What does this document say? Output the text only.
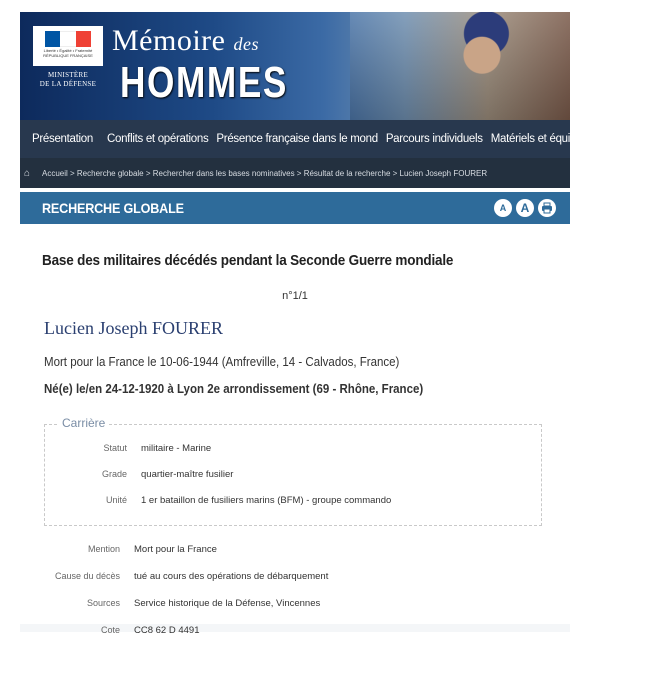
Liberté • Égalité • Fraternité RÉPUBLIQUE FRANÇAISE
MINISTÈRE
DE LA DÉFENSE
Mémoire des
HOMMES
Présentation	Conflits et opérations Présence française dans le mond Parcours individuels Matériels et équipements Collect
⌂	Accueil > Recherche globale > Rechercher dans les bases nominatives > Résultat de la recherche > Lucien Joseph FOURER
RECHERCHE GLOBALE	A	A
Base des militaires décédés pendant la Seconde Guerre mondiale
n°1/1
Lucien Joseph FOURER
Mort pour la France le 10-06-1944 (Amfreville, 14 - Calvados, France)
Né(e) le/en 24-12-1920 à Lyon 2e arrondissement (69 - Rhône, France)
Carrière
Statut	militaire - Marine
Grade	quartier-maître fusilier
Unité	1 er bataillon de fusiliers marins (BFM) - groupe commando
Mention	Mort pour la France
Cause du décès	tué au cours des opérations de débarquement
Sources	Service historique de la Défense, Vincennes
Cote	CC8 62 D 4491
